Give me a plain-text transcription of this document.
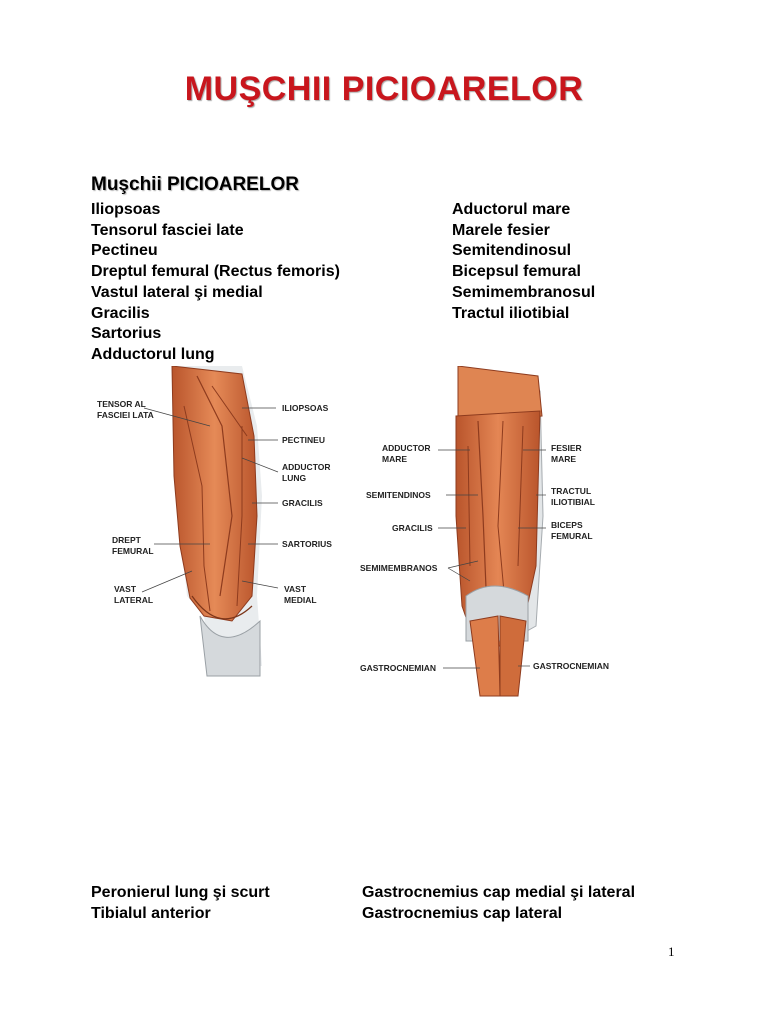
MUŞCHII PICIOARELOR
Muşchii PICIOARELOR
Iliopsoas
Tensorul fasciei late
Pectineu
Dreptul femural (Rectus femoris)
Vastul lateral şi medial
Gracilis
Sartorius
Adductorul lung
Aductorul mare
Marele fesier
Semitendinosul
Bicepsul femural
Semimembranosul
Tractul iliotibial
TENSOR AL
FASCIEI LATA
ILIOPSOAS
PECTINEU
ADDUCTOR
LUNG
GRACILIS
DREPT
FEMURAL
SARTORIUS
VAST
LATERAL
VAST
MEDIAL
ADDUCTOR
MARE
FESIER
MARE
SEMITENDINOS	TRACTUL
ILIOTIBIAL
GRACILIS	BICEPS
FEMURAL
SEMIMEMBRANOS
GASTROCNEMIAN	GASTROCNEMIAN
Peronierul lung şi scurt
Tibialul anterior
Gastrocnemius cap medial şi lateral
Gastrocnemius cap lateral
1
